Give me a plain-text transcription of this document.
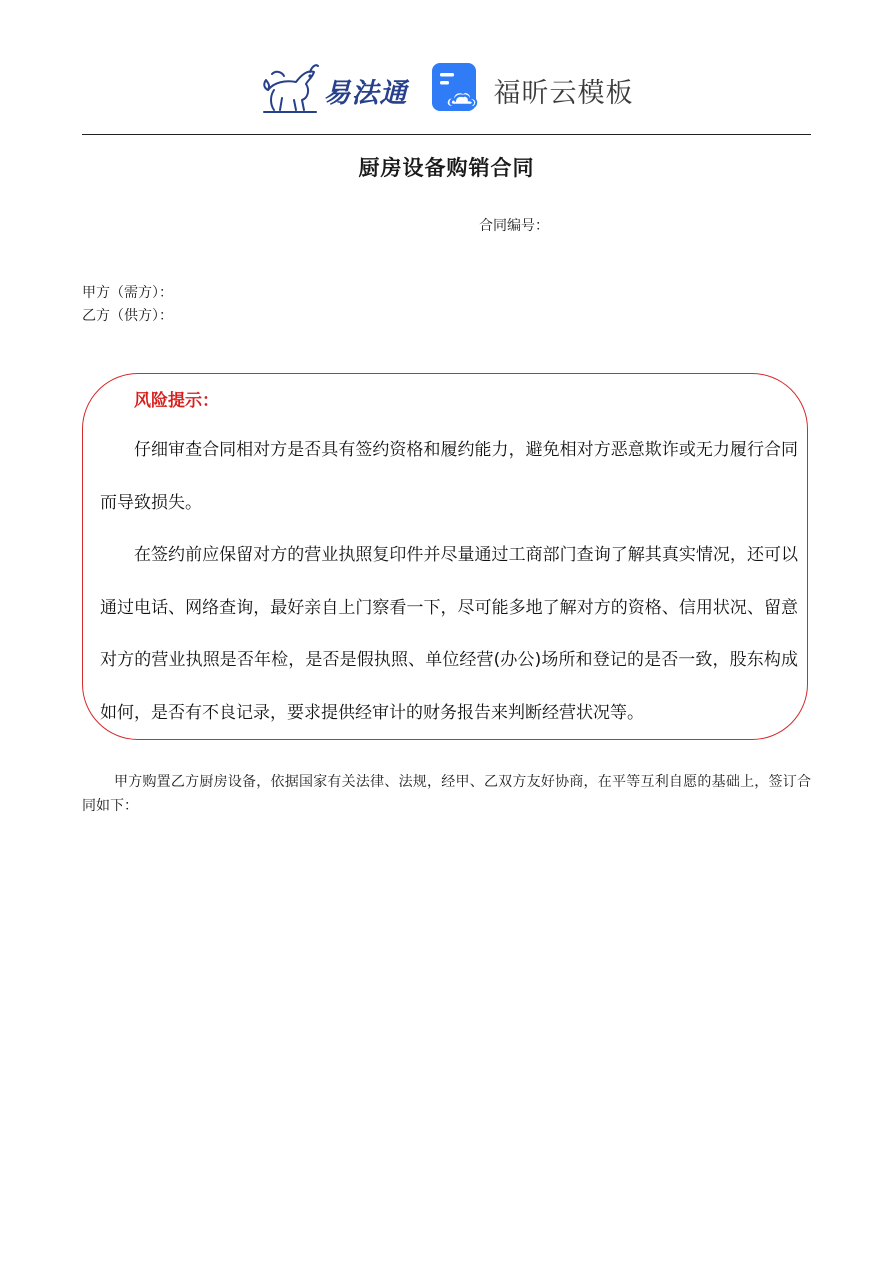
易法通	福昕云模板
厨房设备购销合同
合同编号：
甲方（需方）：
乙方（供方）：
风险提示：

仔细审查合同相对方是否具有签约资格和履约能力，避免相对方恶意欺诈或无力履行合同而导致损失。

在签约前应保留对方的营业执照复印件并尽量通过工商部门查询了解其真实情况，还可以通过电话、网络查询，最好亲自上门察看一下，尽可能多地了解对方的资格、信用状况、留意对方的营业执照是否年检，是否是假执照、单位经营(办公)场所和登记的是否一致，股东构成如何，是否有不良记录，要求提供经审计的财务报告来判断经营状况等。

甲方购置乙方厨房设备，依据国家有关法律、法规，经甲、乙双方友好协商，在平等互利自愿的基础上，签订合同如下：
